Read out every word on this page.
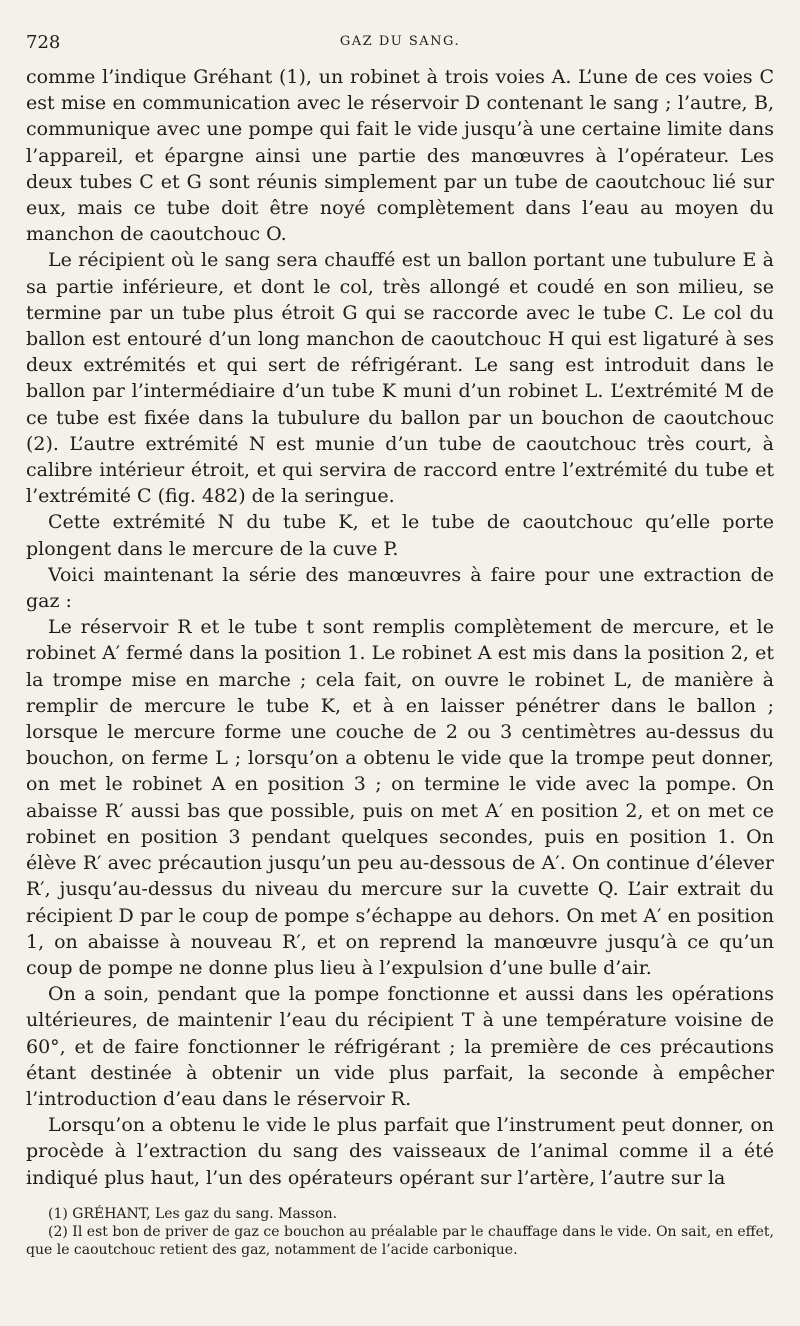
728	GAZ DU SANG.

comme l’indique Gréhant (1), un robinet à trois voies A. L’une de ces voies C est mise en communication avec le réservoir D contenant le sang ; l’autre, B, communique avec une pompe qui fait le vide jusqu’à une certaine limite dans l’appareil, et épargne ainsi une partie des manœuvres à l’opérateur. Les deux tubes C et G sont réunis simplement par un tube de caoutchouc lié sur eux, mais ce tube doit être noyé complètement dans l’eau au moyen du manchon de caoutchouc O.

Le récipient où le sang sera chauffé est un ballon portant une tubulure E à sa partie inférieure, et dont le col, très allongé et coudé en son milieu, se termine par un tube plus étroit G qui se raccorde avec le tube C. Le col du ballon est entouré d’un long manchon de caoutchouc H qui est ligaturé à ses deux extrémités et qui sert de réfrigérant. Le sang est introduit dans le ballon par l’intermédiaire d’un tube K muni d’un robinet L. L’extrémité M de ce tube est fixée dans la tubulure du ballon par un bouchon de caoutchouc (2). L’autre extrémité N est munie d’un tube de caoutchouc très court, à calibre intérieur étroit, et qui servira de raccord entre l’extrémité du tube et l’extrémité C (fig. 482) de la seringue.

Cette extrémité N du tube K, et le tube de caoutchouc qu’elle porte plongent dans le mercure de la cuve P.

Voici maintenant la série des manœuvres à faire pour une extraction de gaz :

Le réservoir R et le tube t sont remplis complètement de mercure, et le robinet A′ fermé dans la position 1. Le robinet A est mis dans la position 2, et la trompe mise en marche ; cela fait, on ouvre le robinet L, de manière à remplir de mercure le tube K, et à en laisser pénétrer dans le ballon ; lorsque le mercure forme une couche de 2 ou 3 centimètres au-dessus du bouchon, on ferme L ; lorsqu’on a obtenu le vide que la trompe peut donner, on met le robinet A en position 3 ; on termine le vide avec la pompe. On abaisse R′ aussi bas que possible, puis on met A′ en position 2, et on met ce robinet en position 3 pendant quelques secondes, puis en position 1. On élève R′ avec précaution jusqu’un peu au-dessous de A′. On continue d’élever R′, jusqu’au-dessus du niveau du mercure sur la cuvette Q. L’air extrait du récipient D par le coup de pompe s’échappe au dehors. On met A′ en position 1, on abaisse à nouveau R′, et on reprend la manœuvre jusqu’à ce qu’un coup de pompe ne donne plus lieu à l’expulsion d’une bulle d’air.

On a soin, pendant que la pompe fonctionne et aussi dans les opérations ultérieures, de maintenir l’eau du récipient T à une température voisine de 60°, et de faire fonctionner le réfrigérant ; la première de ces précautions étant destinée à obtenir un vide plus parfait, la seconde à empêcher l’introduction d’eau dans le réservoir R.

Lorsqu’on a obtenu le vide le plus parfait que l’instrument peut donner, on procède à l’extraction du sang des vaisseaux de l’animal comme il a été indiqué plus haut, l’un des opérateurs opérant sur l’artère, l’autre sur la

(1) GRÉHANT, Les gaz du sang. Masson.
(2) Il est bon de priver de gaz ce bouchon au préalable par le chauffage dans le vide. On sait, en effet, que le caoutchouc retient des gaz, notamment de l’acide carbonique.
